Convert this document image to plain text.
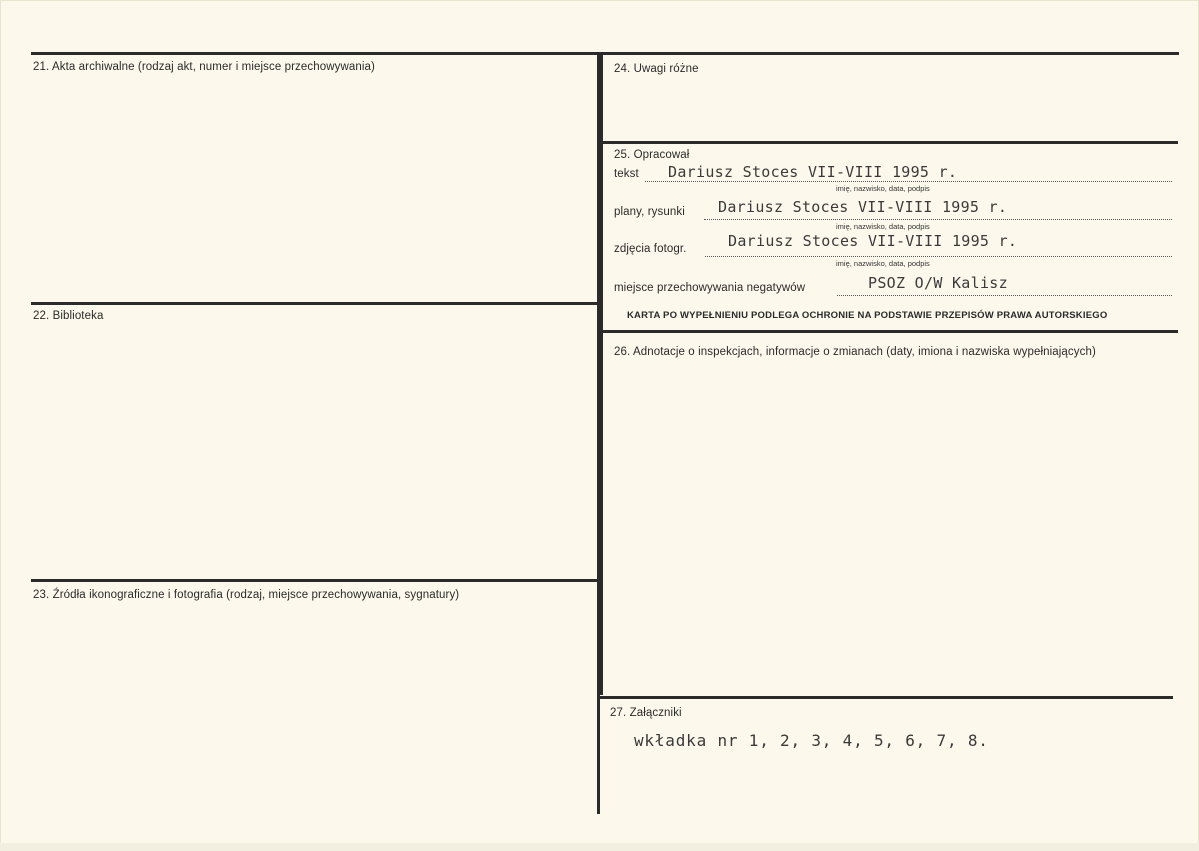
21. Akta archiwalne (rodzaj akt, numer i miejsce przechowywania)
22. Biblioteka
23. Źródła ikonograficzne i fotografia (rodzaj, miejsce przechowywania, sygnatury)
24. Uwagi różne
25. Opracował
tekst Dariusz Stoces VII-VIII 1995 r.
imię, nazwisko, data, podpis
plany, rysunki Dariusz Stoces VII-VIII 1995 r.
imię, nazwisko, data, podpis
zdjęcia fotogr.	Dariusz Stoces VII-VIII 1995 r.
imię, nazwisko, data, podpis
miejsce przechowywania negatywów	PSOZ O/W Kalisz
KARTA PO WYPEŁNIENIU PODLEGA OCHRONIE NA PODSTAWIE PRZEPISÓW PRAWA AUTORSKIEGO
26. Adnotacje o inspekcjach, informacje o zmianach (daty, imiona i nazwiska wypełniających)
27. Załączniki
wkładka nr 1, 2, 3, 4, 5, 6, 7, 8.
